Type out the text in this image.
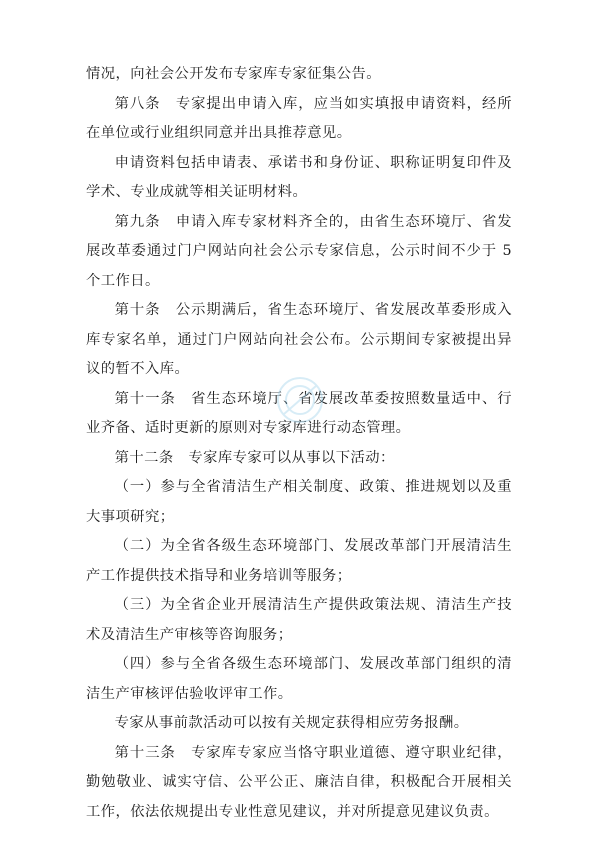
情况，向社会公开发布专家库专家征集公告。

第八条　专家提出申请入库，应当如实填报申请资料，经所在单位或行业组织同意并出具推荐意见。

申请资料包括申请表、承诺书和身份证、职称证明复印件及学术、专业成就等相关证明材料。

第九条　申请入库专家材料齐全的，由省生态环境厅、省发展改革委通过门户网站向社会公示专家信息，公示时间不少于 5 个工作日。

第十条　公示期满后，省生态环境厅、省发展改革委形成入库专家名单，通过门户网站向社会公布。公示期间专家被提出异议的暂不入库。

第十一条　省生态环境厅、省发展改革委按照数量适中、行业齐备、适时更新的原则对专家库进行动态管理。

第十二条　专家库专家可以从事以下活动：

（一）参与全省清洁生产相关制度、政策、推进规划以及重大事项研究；

（二）为全省各级生态环境部门、发展改革部门开展清洁生产工作提供技术指导和业务培训等服务；

（三）为全省企业开展清洁生产提供政策法规、清洁生产技术及清洁生产审核等咨询服务；

（四）参与全省各级生态环境部门、发展改革部门组织的清洁生产审核评估验收评审工作。

专家从事前款活动可以按有关规定获得相应劳务报酬。

第十三条　专家库专家应当恪守职业道德、遵守职业纪律，勤勉敬业、诚实守信、公平公正、廉洁自律，积极配合开展相关工作，依法依规提出专业性意见建议，并对所提意见建议负责。
